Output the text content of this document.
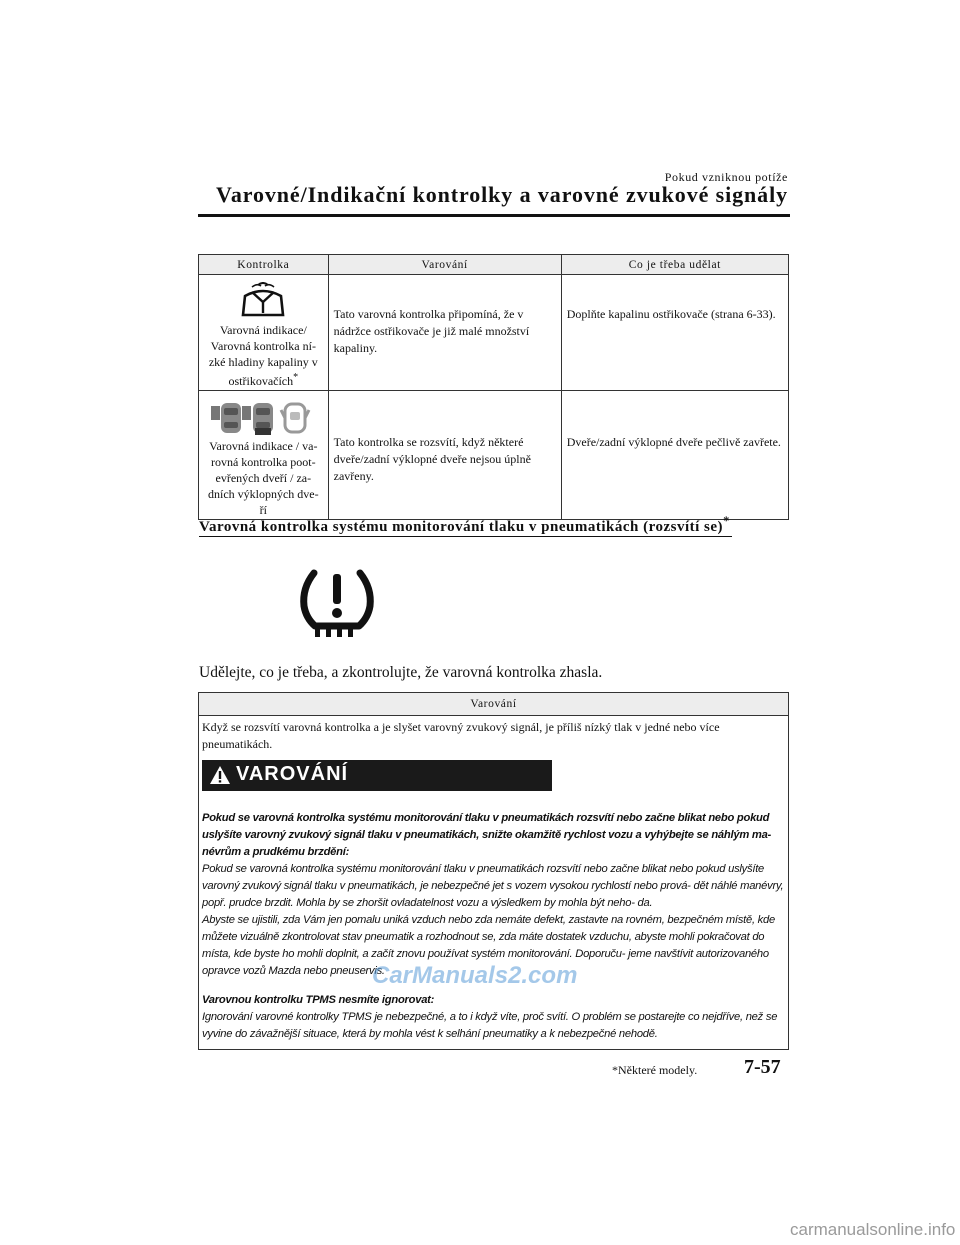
Pokud vzniknou potíže
Varovné/Indikační kontrolky a varovné zvukové signály
Kontrolka	Varování	Co je třeba udělat

Varovná indikace/ Varovná kontrolka ní- zké hladiny kapaliny v ostřikovačích*	Tato varovná kontrolka připomíná, že v nádržce ostřikovače je již malé množství kapaliny.	Doplňte kapalinu ostřikovače (strana 6-33).

Varovná indikace / va- rovná kontrolka poot- evřených dveří / za- dních výklopných dve- ří	Tato kontrolka se rozsvítí, když některé dveře/zadní výklopné dveře nejsou úplně zavřeny.	Dveře/zadní výklopné dveře pečlivě zavřete.
Varovná kontrolka systému monitorování tlaku v pneumatikách (rozsvítí se)*
Udělejte, co je třeba, a zkontrolujte, že varovná kontrolka zhasla.
Varování
Když se rozsvítí varovná kontrolka a je slyšet varovný zvukový signál, je příliš nízký tlak v jedné nebo více pneumatikách.
VAROVÁNÍ

Pokud se varovná kontrolka systému monitorování tlaku v pneumatikách rozsvítí nebo začne blikat nebo pokud uslyšíte varovný zvukový signál tlaku v pneumatikách, snižte okamžitě rychlost vozu a vyhýbejte se náhlým ma- névrům a prudkému brzdění:

Pokud se varovná kontrolka systému monitorování tlaku v pneumatikách rozsvítí nebo začne blikat nebo pokud uslyšíte varovný zvukový signál tlaku v pneumatikách, je nebezpečné jet s vozem vysokou rychlostí nebo prová- dět náhlé manévry, popř. prudce brzdit. Mohla by se zhoršit ovladatelnost vozu a výsledkem by mohla být neho- da.

Abyste se ujistili, zda Vám jen pomalu uniká vzduch nebo zda nemáte defekt, zastavte na rovném, bezpečném místě, kde můžete vizuálně zkontrolovat stav pneumatik a rozhodnout se, zda máte dostatek vzduchu, abyste mohli pokračovat do místa, kde byste ho mohli doplnit, a začít znovu používat systém monitorování. Doporuču- jeme navštívit autorizovaného opravce vozů Mazda nebo pneuservis.

Varovnou kontrolku TPMS nesmíte ignorovat:

Ignorování varovné kontrolky TPMS je nebezpečné, a to i když víte, proč svítí. O problém se postarejte co nejdříve, než se vyvine do závažnější situace, která by mohla vést k selhání pneumatiky a k nebezpečné nehodě.

CarManuals2.com
*Některé modely. 7-57
carmanualsonline.info
